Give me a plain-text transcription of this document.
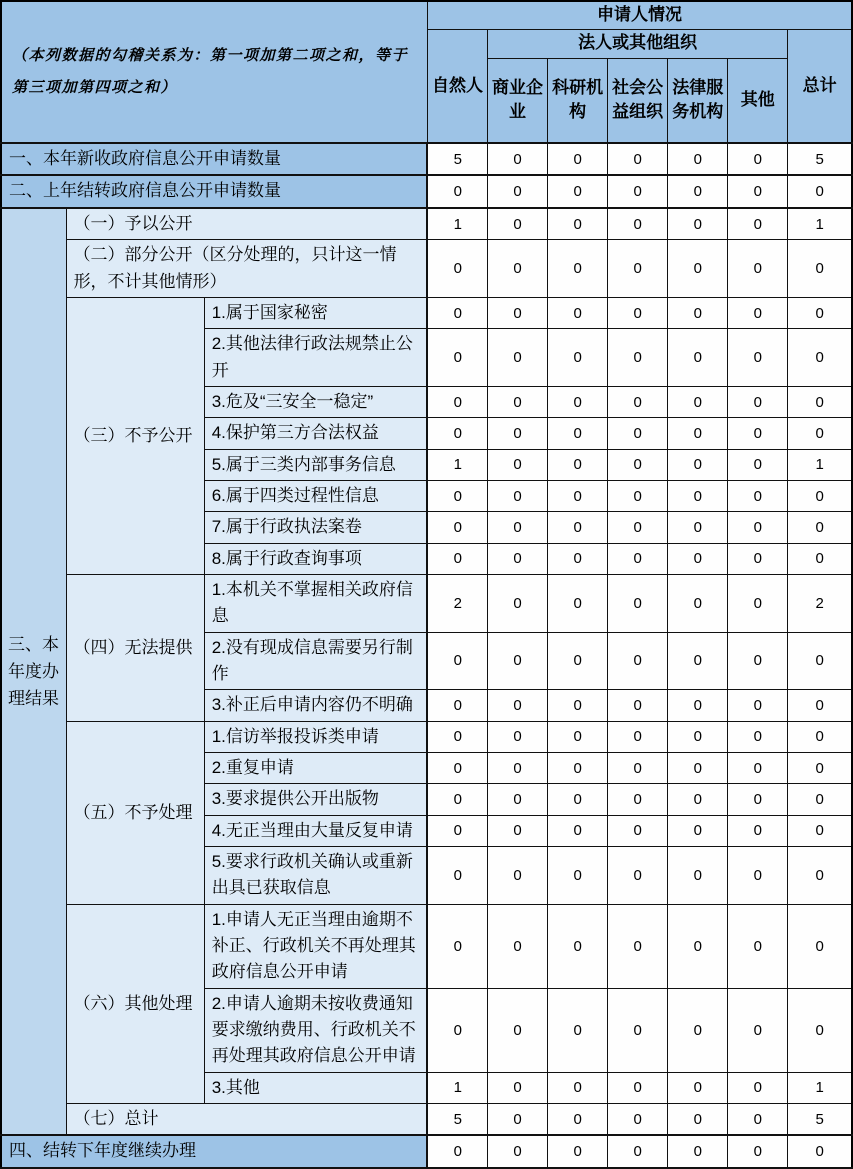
（本列数据的勾稽关系为：第一项加第二项之和，等于第三项加第四项之和）			申请人情况						
			自然人	法人或其他组织					总计
				商业企业	科研机构	社会公益组织	法律服务机构	其他	
一、本年新收政府信息公开申请数量			5	0	0	0	0	0	5
二、上年结转政府信息公开申请数量			0	0	0	0	0	0	0
三、本年度办理结果	（一）予以公开		1	0	0	0	0	0	1
	（二）部分公开（区分处理的，只计这一情形，不计其他情形）		0	0	0	0	0	0	0
	（三）不予公开	1.属于国家秘密	0	0	0	0	0	0	0
		2.其他法律行政法规禁止公开	0	0	0	0	0	0	0
		3.危及“三安全一稳定”	0	0	0	0	0	0	0
		4.保护第三方合法权益	0	0	0	0	0	0	0
		5.属于三类内部事务信息	1	0	0	0	0	0	1
		6.属于四类过程性信息	0	0	0	0	0	0	0
		7.属于行政执法案卷	0	0	0	0	0	0	0
		8.属于行政查询事项	0	0	0	0	0	0	0
	（四）无法提供	1.本机关不掌握相关政府信息	2	0	0	0	0	0	2
		2.没有现成信息需要另行制作	0	0	0	0	0	0	0
		3.补正后申请内容仍不明确	0	0	0	0	0	0	0
	（五）不予处理	1.信访举报投诉类申请	0	0	0	0	0	0	0
		2.重复申请	0	0	0	0	0	0	0
		3.要求提供公开出版物	0	0	0	0	0	0	0
		4.无正当理由大量反复申请	0	0	0	0	0	0	0
		5.要求行政机关确认或重新出具已获取信息	0	0	0	0	0	0	0
	（六）其他处理	1.申请人无正当理由逾期不补正、行政机关不再处理其政府信息公开申请	0	0	0	0	0	0	0
		2.申请人逾期未按收费通知要求缴纳费用、行政机关不再处理其政府信息公开申请	0	0	0	0	0	0	0
		3.其他	1	0	0	0	0	0	1
	（七）总计		5	0	0	0	0	0	5
四、结转下年度继续办理			0	0	0	0	0	0	0
